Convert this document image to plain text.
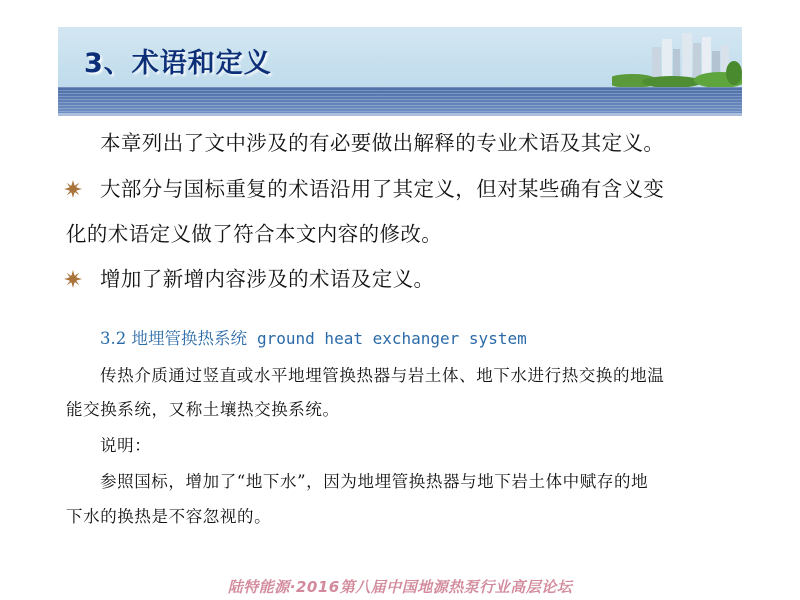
3、术语和定义
本章列出了文中涉及的有必要做出解释的专业术语及其定义。
大部分与国标重复的术语沿用了其定义，但对某些确有含义变
化的术语定义做了符合本文内容的修改。
增加了新增内容涉及的术语及定义。
3.2 地埋管换热系统 ground heat exchanger system
传热介质通过竖直或水平地埋管换热器与岩土体、地下水进行热交换的地温
能交换系统，又称土壤热交换系统。
说明：
参照国标，增加了“地下水”，因为地埋管换热器与地下岩土体中赋存的地
下水的换热是不容忽视的。
陆特能源·2016第八届中国地源热泵行业高层论坛
